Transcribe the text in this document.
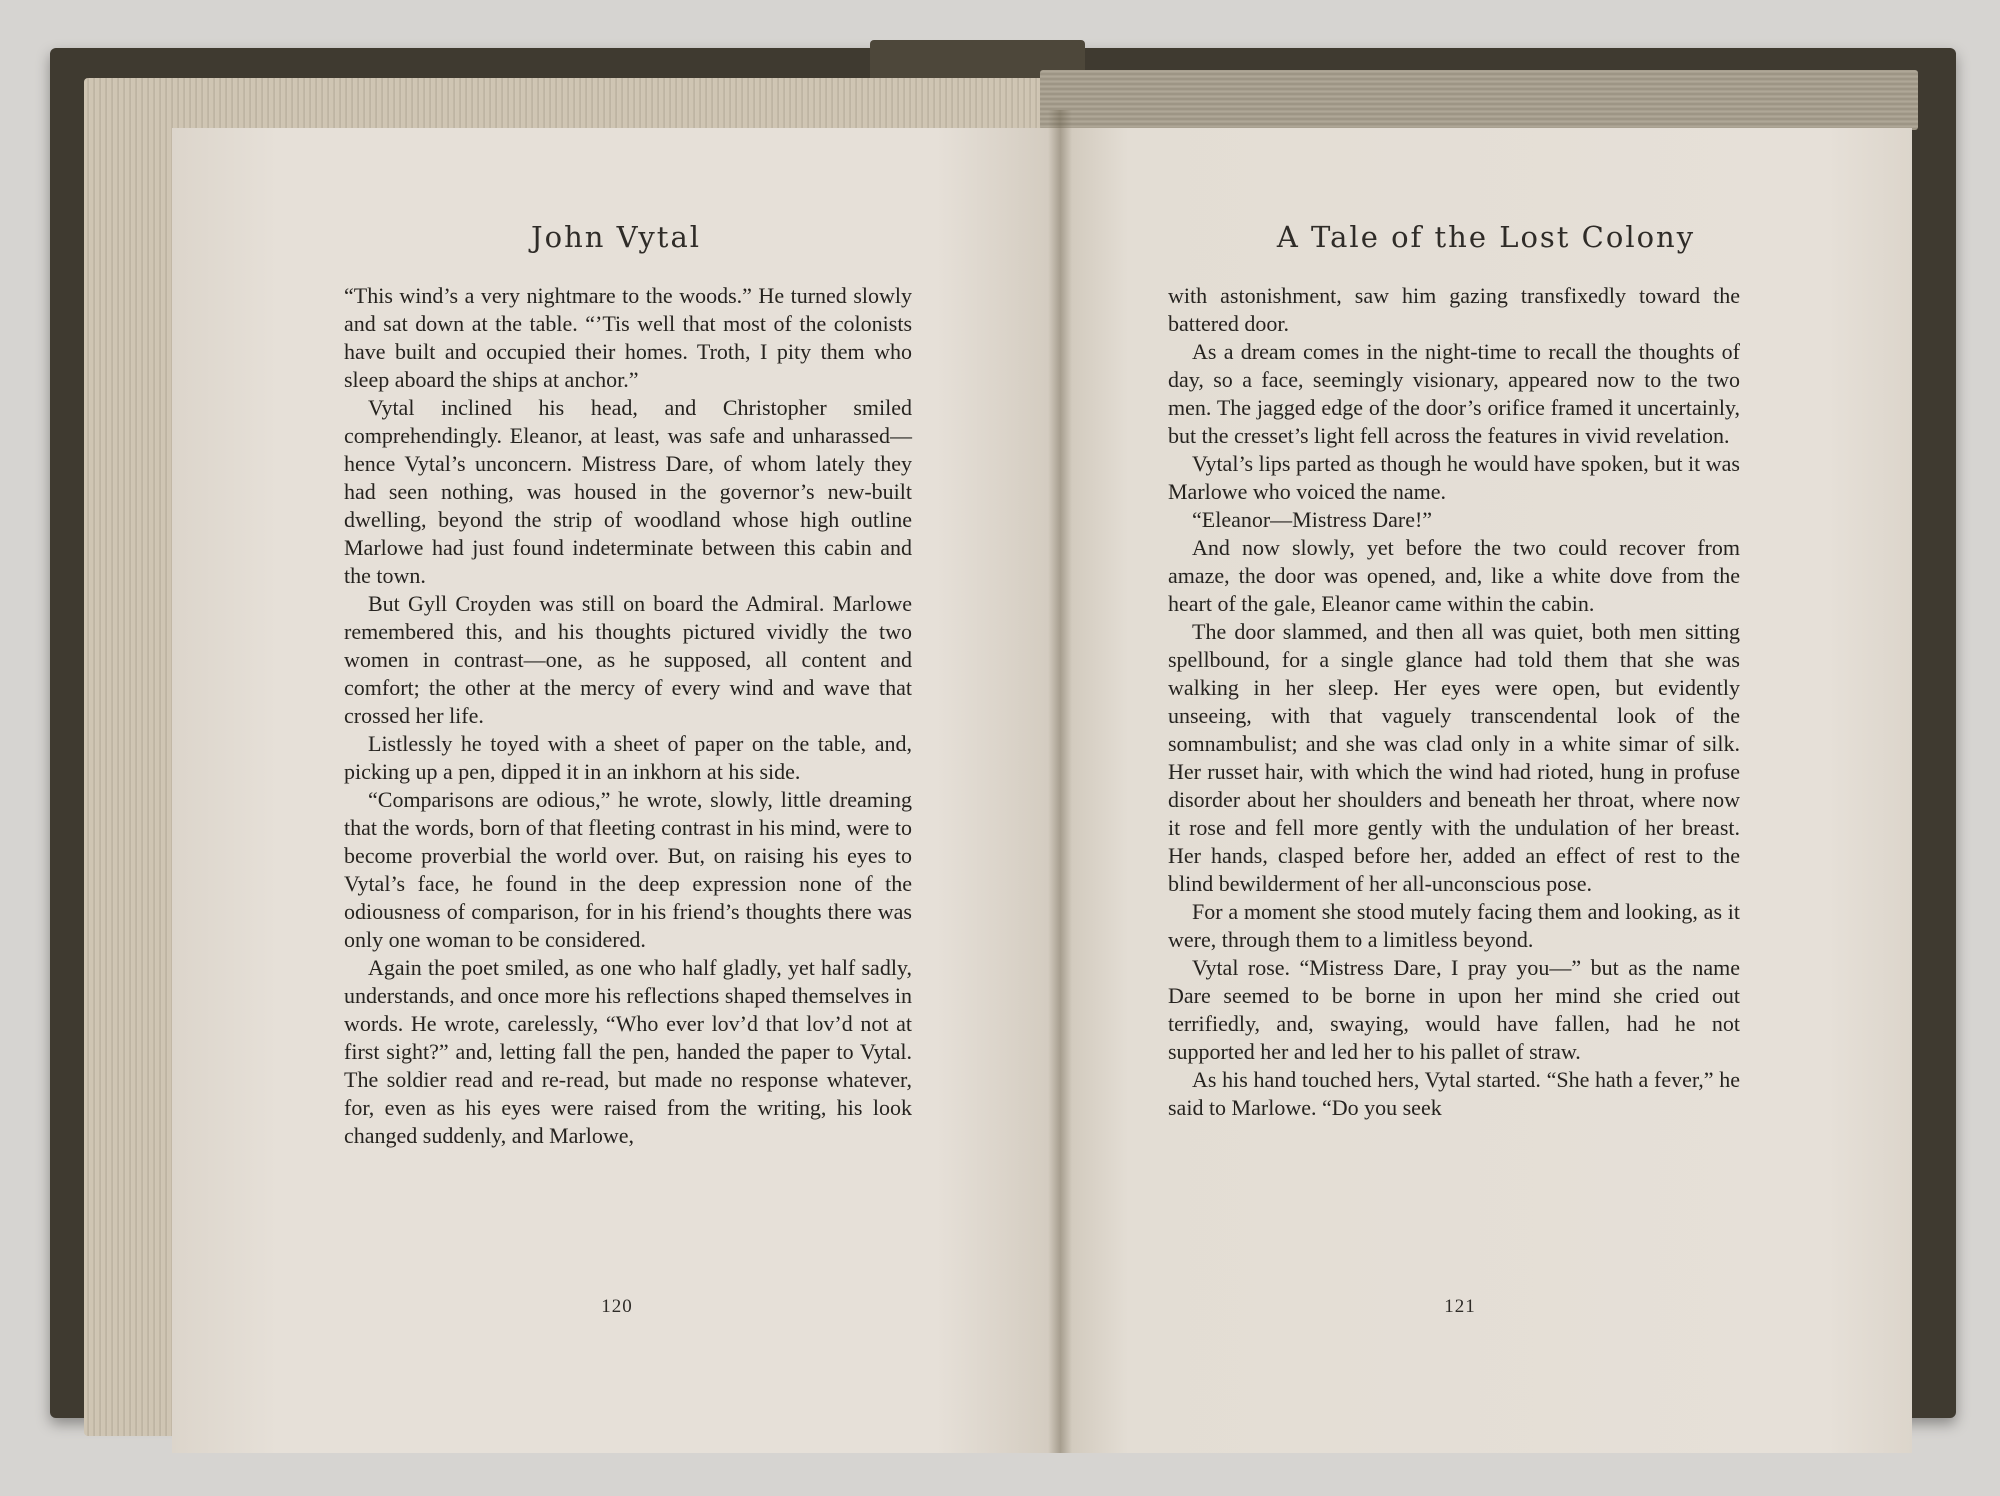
John Vytal

“This wind’s a very nightmare to the woods.” He turned slowly and sat down at the table. “’Tis well that most of the colonists have built and occupied their homes. Troth, I pity them who sleep aboard the ships at anchor.”

Vytal inclined his head, and Christopher smiled comprehendingly. Eleanor, at least, was safe and unharassed—hence Vytal’s unconcern. Mistress Dare, of whom lately they had seen nothing, was housed in the governor’s new-built dwelling, beyond the strip of woodland whose high outline Marlowe had just found indeterminate between this cabin and the town.

But Gyll Croyden was still on board the Admiral. Marlowe remembered this, and his thoughts pictured vividly the two women in contrast—one, as he supposed, all content and comfort; the other at the mercy of every wind and wave that crossed her life.

Listlessly he toyed with a sheet of paper on the table, and, picking up a pen, dipped it in an inkhorn at his side.

“Comparisons are odious,” he wrote, slowly, little dreaming that the words, born of that fleeting contrast in his mind, were to become proverbial the world over. But, on raising his eyes to Vytal’s face, he found in the deep expression none of the odiousness of comparison, for in his friend’s thoughts there was only one woman to be considered.

Again the poet smiled, as one who half gladly, yet half sadly, understands, and once more his reflections shaped themselves in words. He wrote, carelessly, “Who ever lov’d that lov’d not at first sight?” and, letting fall the pen, handed the paper to Vytal. The soldier read and re-read, but made no response whatever, for, even as his eyes were raised from the writing, his look changed suddenly, and Marlowe,

120
A Tale of the Lost Colony

with astonishment, saw him gazing transfixedly toward the battered door.

As a dream comes in the night-time to recall the thoughts of day, so a face, seemingly visionary, appeared now to the two men. The jagged edge of the door’s orifice framed it uncertainly, but the cresset’s light fell across the features in vivid revelation.

Vytal’s lips parted as though he would have spoken, but it was Marlowe who voiced the name.

“Eleanor—Mistress Dare!”

And now slowly, yet before the two could recover from amaze, the door was opened, and, like a white dove from the heart of the gale, Eleanor came within the cabin.

The door slammed, and then all was quiet, both men sitting spellbound, for a single glance had told them that she was walking in her sleep. Her eyes were open, but evidently unseeing, with that vaguely transcendental look of the somnambulist; and she was clad only in a white simar of silk. Her russet hair, with which the wind had rioted, hung in profuse disorder about her shoulders and beneath her throat, where now it rose and fell more gently with the undulation of her breast. Her hands, clasped before her, added an effect of rest to the blind bewilderment of her all-unconscious pose.

For a moment she stood mutely facing them and looking, as it were, through them to a limitless beyond.

Vytal rose. “Mistress Dare, I pray you—” but as the name Dare seemed to be borne in upon her mind she cried out terrifiedly, and, swaying, would have fallen, had he not supported her and led her to his pallet of straw.

As his hand touched hers, Vytal started. “She hath a fever,” he said to Marlowe. “Do you seek

121
